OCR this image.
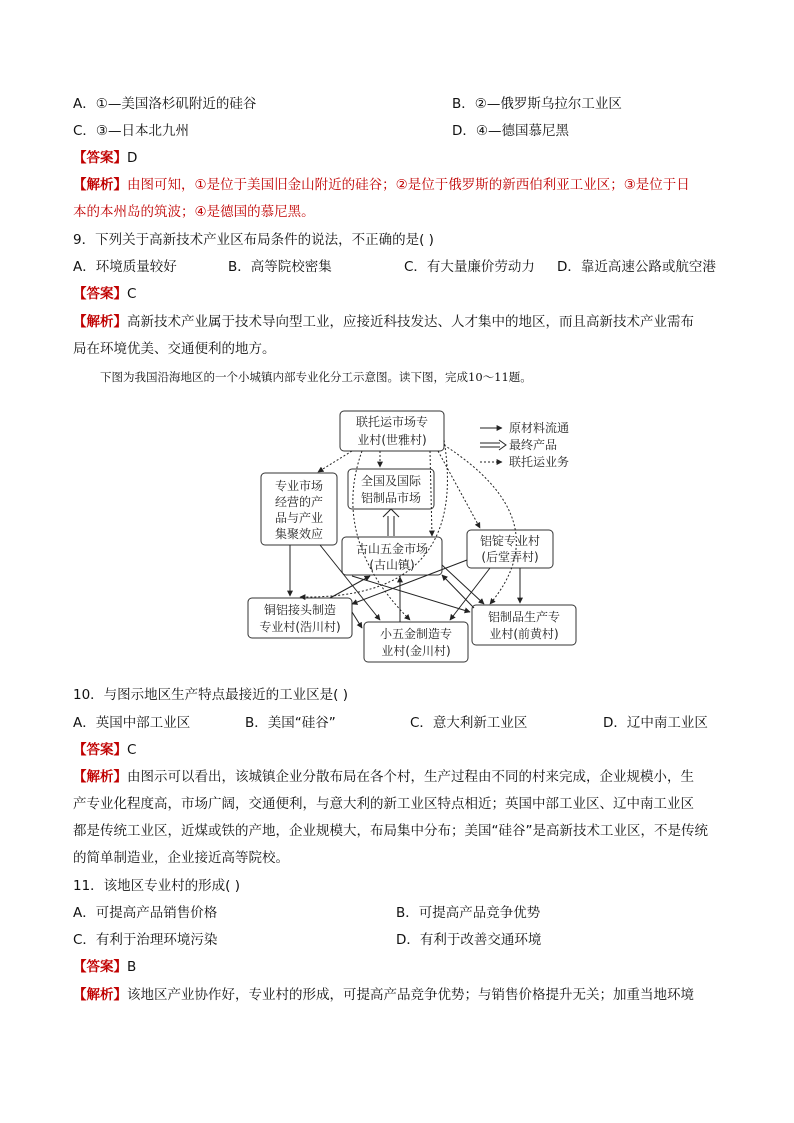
A．①—美国洛杉矶附近的硅谷	B．②—俄罗斯乌拉尔工业区
C．③—日本北九州	D．④—德国慕尼黑
【答案】D
【解析】由图可知，①是位于美国旧金山附近的硅谷；②是位于俄罗斯的新西伯利亚工业区；③是位于日
本的本州岛的筑波；④是德国的慕尼黑。
9．下列关于高新技术产业区布局条件的说法，不正确的是( )
A．环境质量较好	B．高等院校密集	C．有大量廉价劳动力 D．靠近高速公路或航空港
【答案】C
【解析】高新技术产业属于技术导向型工业，应接近科技发达、人才集中的地区，而且高新技术产业需布
局在环境优美、交通便利的地方。
下图为我国沿海地区的一个小城镇内部专业化分工示意图。读下图，完成10～11题。
联托运市场专
业村(世雅村)
专业市场
经营的产
品与产业
集聚效应
全国及国际
铝制品市场
古山五金市场
(古山镇)
铝锭专业村
(后堂弄村)
铜铝接头制造
专业村(浩川村)	小五金制造专
业村(金川村)
铝制品生产专
业村(前黄村)
原材料流通
最终产品
联托运业务
10．与图示地区生产特点最接近的工业区是( )
A．英国中部工业区	B．美国“硅谷”	C．意大利新工业区	D．辽中南工业区
【答案】C
【解析】由图示可以看出，该城镇企业分散布局在各个村，生产过程由不同的村来完成，企业规模小，生
产专业化程度高，市场广阔，交通便利，与意大利的新工业区特点相近；英国中部工业区、辽中南工业区
都是传统工业区，近煤或铁的产地，企业规模大，布局集中分布；美国“硅谷”是高新技术工业区，不是传统
的简单制造业，企业接近高等院校。
11．该地区专业村的形成( )
A．可提高产品销售价格	B．可提高产品竞争优势
C．有利于治理环境污染	D．有利于改善交通环境
【答案】B
【解析】该地区产业协作好，专业村的形成，可提高产品竞争优势；与销售价格提升无关；加重当地环境
